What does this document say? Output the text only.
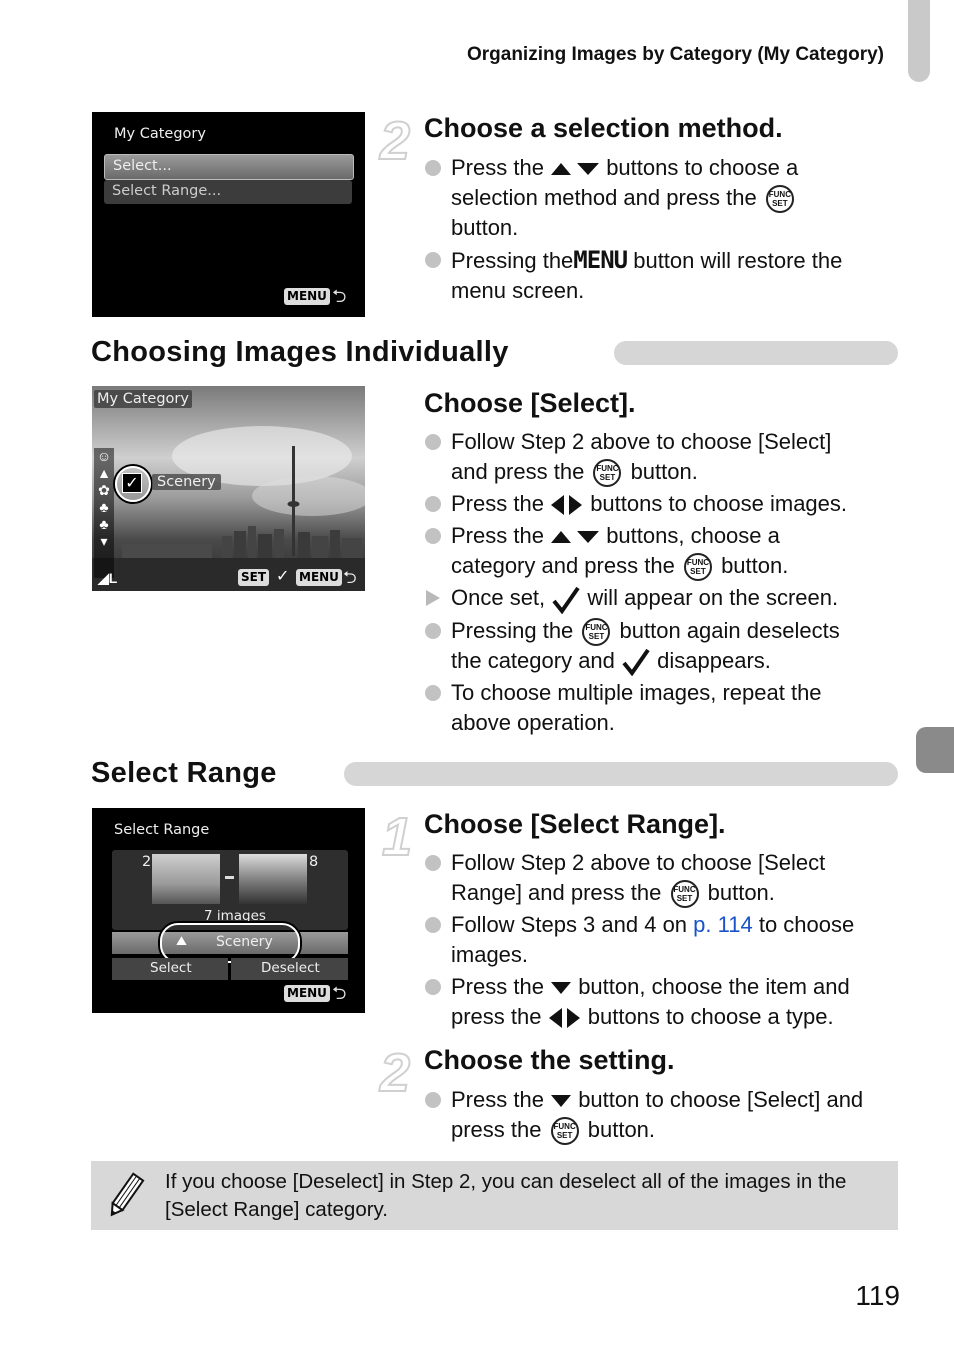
Organizing Images by Category (My Category)
My Category
Select...
Select Range...
MENU ⮌
2 Choose a selection method.
Press the	buttons to choose a
selection method and press the FUNC
SET
button.
Pressing theMENU button will restore the
menu screen.
Choosing Images Individually
My Category
☺
▲
✿
♣
♣
▾
✓	Scenery
◢L	SET ✓ MENU ⮌
Choose [Select].
Follow Step 2 above to choose [Select]
and press the FUNC
SET button.
Press the buttons to choose images.
Press the	buttons, choose a
category and press the FUNC
SET button.
Once set, will appear on the screen.
Pressing the FUNC
SET button again deselects
the category and disappears.
To choose multiple images, repeat the
above operation.
Select Range
Select Range
2	8
7 images
⛰ Scenery
Select	Deselect
MENU ⮌
1 Choose [Select Range].
Follow Step 2 above to choose [Select
Range] and press the FUNC
SET button.
Follow Steps 3 and 4 on p. 114 to choose
images.
Press the button, choose the item and
press the buttons to choose a type.
2 Choose the setting.
Press the button to choose [Select] and
press the FUNC
SET button.
If you choose [Deselect] in Step 2, you can deselect all of the images in the [Select Range] category.
119
